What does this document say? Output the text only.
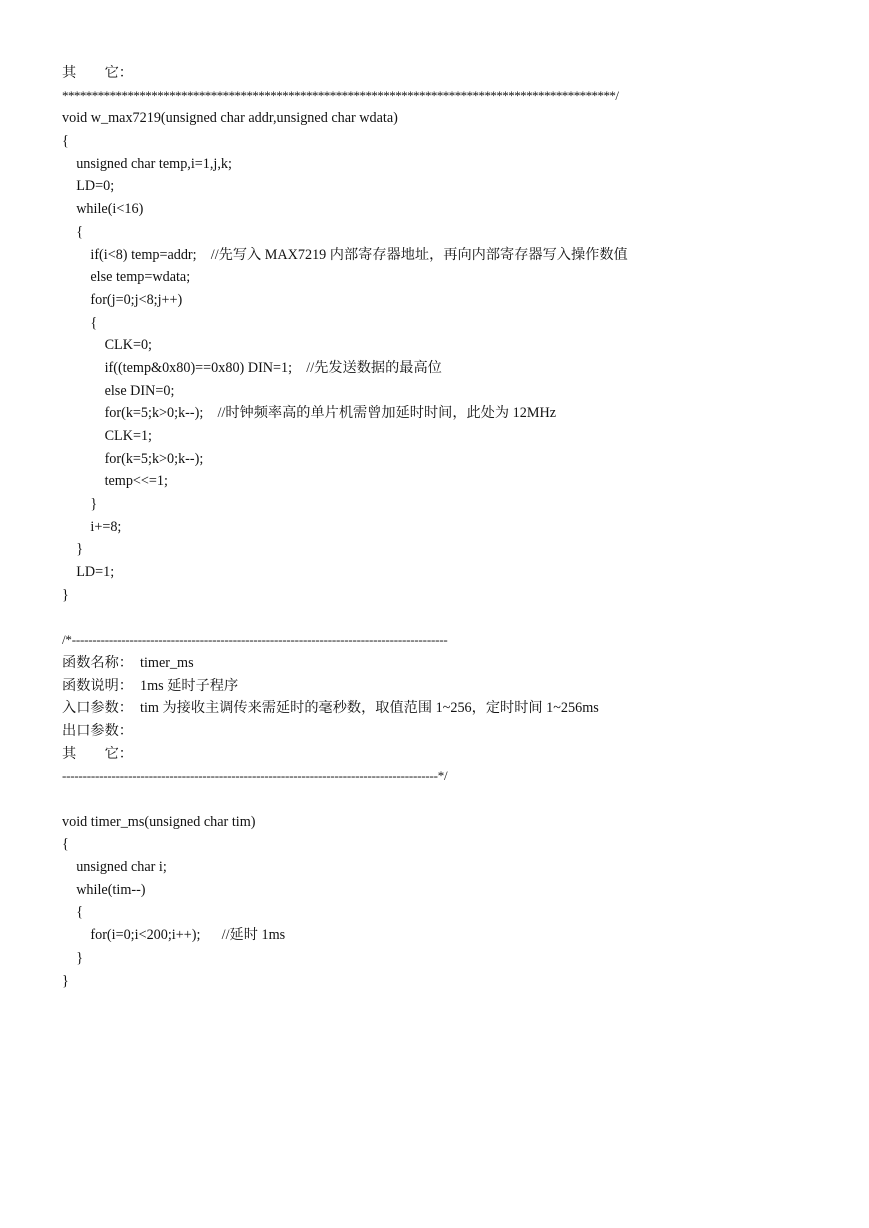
其　　它：
*********************************************************************************************/
void w_max7219(unsigned char addr,unsigned char wdata)
{
unsigned char temp,i=1,j,k;
LD=0;
while(i<16)
{
if(i<8) temp=addr;    //先写入 MAX7219 内部寄存器地址，再向内部寄存器写入操作数值
else temp=wdata;
for(j=0;j<8;j++)
{
CLK=0;
if((temp&0x80)==0x80) DIN=1;    //先发送数据的最高位
else DIN=0;
for(k=5;k>0;k--);    //时钟频率高的单片机需曾加延时时间，此处为 12MHz
CLK=1;
for(k=5;k>0;k--);
temp<<=1;
}
i+=8;
}
LD=1;
}
/*-------------------------------------------------------------------------------------------
函数名称：　timer_ms
函数说明：　1ms 延时子程序
入口参数：　tim 为接收主调传来需延时的毫秒数，取值范围 1~256，定时时间 1~256ms
出口参数：
其　　它：
-------------------------------------------------------------------------------------------*/
void timer_ms(unsigned char tim)
{
unsigned char i;
while(tim--)
{
for(i=0;i<200;i++);      //延时 1ms
}
}
